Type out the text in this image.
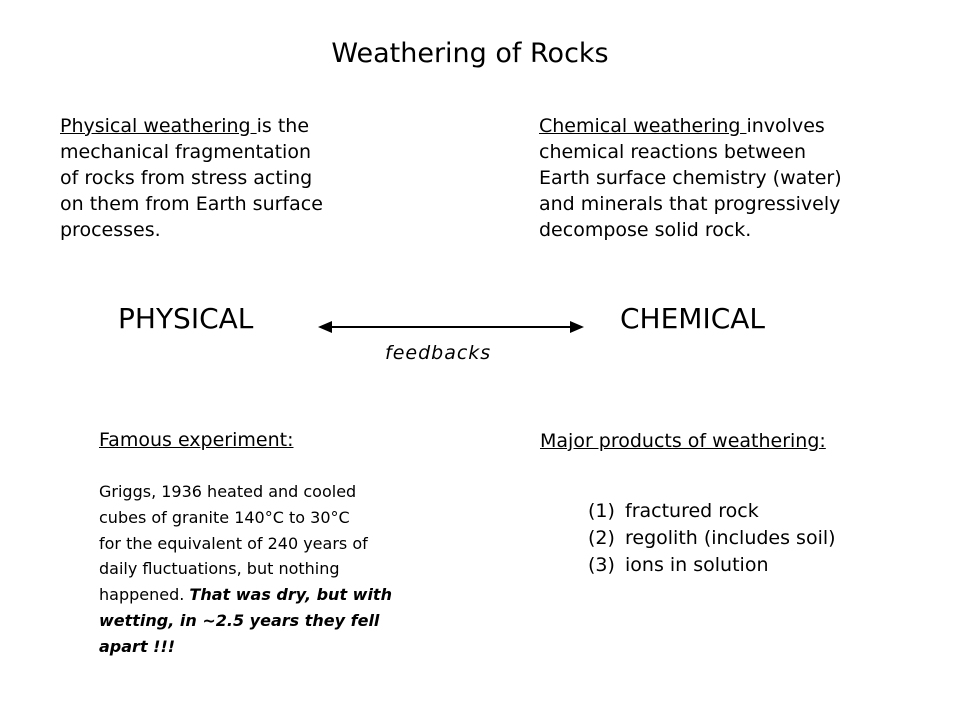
Weathering of Rocks
Physical weathering is the
mechanical fragmentation
of rocks from stress acting
on them from Earth surface
processes.
Chemical weathering involves
chemical reactions between
Earth surface chemistry (water)
and minerals that progressively
decompose solid rock.
PHYSICAL	CHEMICAL
feedbacks
Famous experiment:
Griggs, 1936 heated and cooled
cubes of granite 140°C to 30°C
for the equivalent of 240 years of
daily fluctuations, but nothing
happened. That was dry, but with
wetting, in ~2.5 years they fell
apart !!!
Major products of weathering:
(1) fractured rock
(2) regolith (includes soil)
(3) ions in solution
